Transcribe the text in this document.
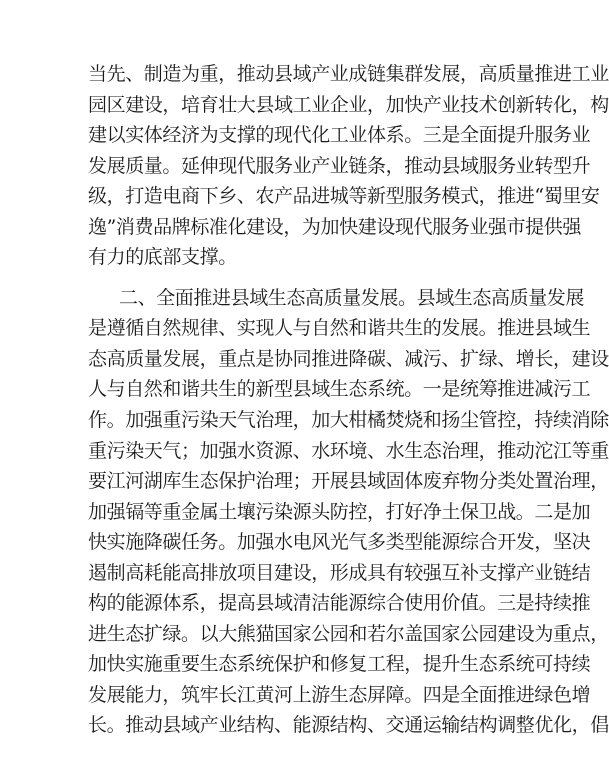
当先、制造为重，推动县域产业成链集群发展，高质量推进工业
园区建设，培育壮大县域工业企业，加快产业技术创新转化，构
建以实体经济为支撑的现代化工业体系。三是全面提升服务业
发展质量。延伸现代服务业产业链条，推动县域服务业转型升
级，打造电商下乡、农产品进城等新型服务模式，推进“蜀里安
逸”消费品牌标准化建设，为加快建设现代服务业强市提供强
有力的底部支撑。
二、全面推进县域生态高质量发展。县域生态高质量发展
是遵循自然规律、实现人与自然和谐共生的发展。推进县域生
态高质量发展，重点是协同推进降碳、减污、扩绿、增长，建设
人与自然和谐共生的新型县域生态系统。一是统筹推进减污工
作。加强重污染天气治理，加大柑橘焚烧和扬尘管控，持续消除
重污染天气；加强水资源、水环境、水生态治理，推动沱江等重
要江河湖库生态保护治理；开展县域固体废弃物分类处置治理，
加强镉等重金属土壤污染源头防控，打好净土保卫战。二是加
快实施降碳任务。加强水电风光气多类型能源综合开发，坚决
遏制高耗能高排放项目建设，形成具有较强互补支撑产业链结
构的能源体系，提高县域清洁能源综合使用价值。三是持续推
进生态扩绿。以大熊猫国家公园和若尔盖国家公园建设为重点，
加快实施重要生态系统保护和修复工程，提升生态系统可持续
发展能力，筑牢长江黄河上游生态屏障。四是全面推进绿色增
长。推动县域产业结构、能源结构、交通运输结构调整优化，倡
